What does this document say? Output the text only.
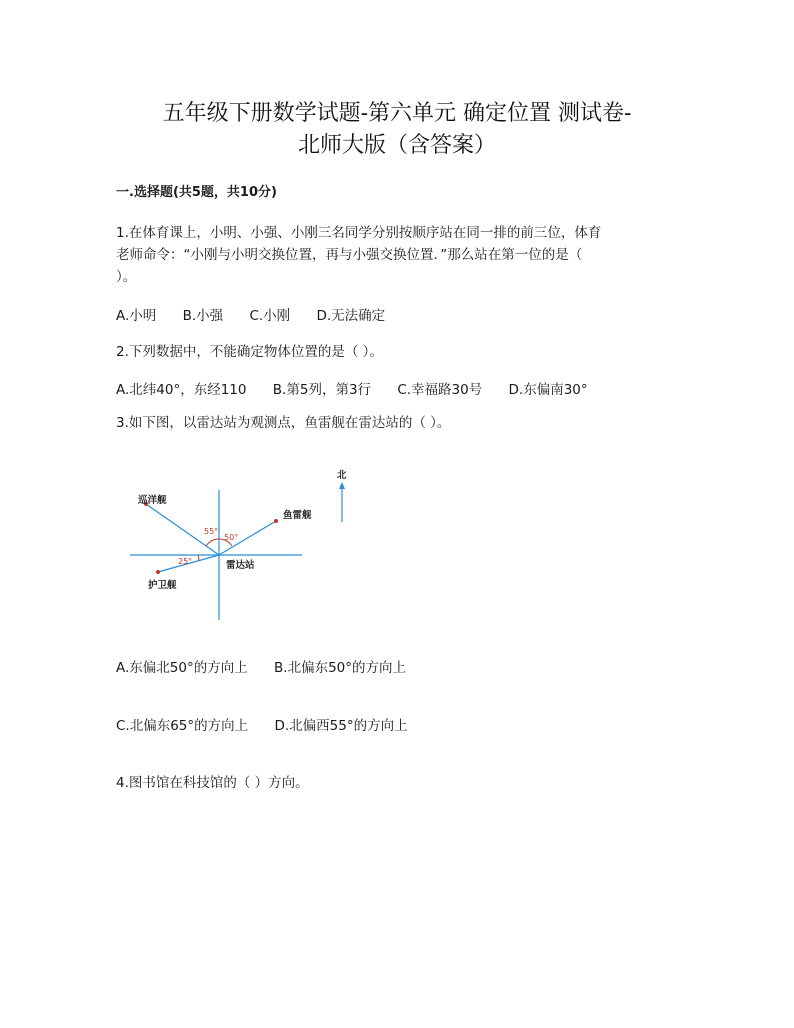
五年级下册数学试题-第六单元 确定位置 测试卷-
北师大版（含答案）
一.选择题(共5题，共10分)
1.在体育课上，小明、小强、小刚三名同学分别按顺序站在同一排的前三位，体育
老师命令：“小刚与小明交换位置，再与小强交换位置．”那么站在第一位的是（
）。
A.小明 B.小强 C.小刚 D.无法确定
2.下列数据中，不能确定物体位置的是（ ）。
A.北纬40°，东经110 B.第5列，第3行 C.幸福路30号 D.东偏南30°
3.如下图，以雷达站为观测点，鱼雷舰在雷达站的（ ）。
55°
50°
25°
巡洋舰
鱼雷舰
护卫舰
雷达站
北
A.东偏北50°的方向上 B.北偏东50°的方向上
C.北偏东65°的方向上 D.北偏西55°的方向上
4.图书馆在科技馆的（ ）方向。
